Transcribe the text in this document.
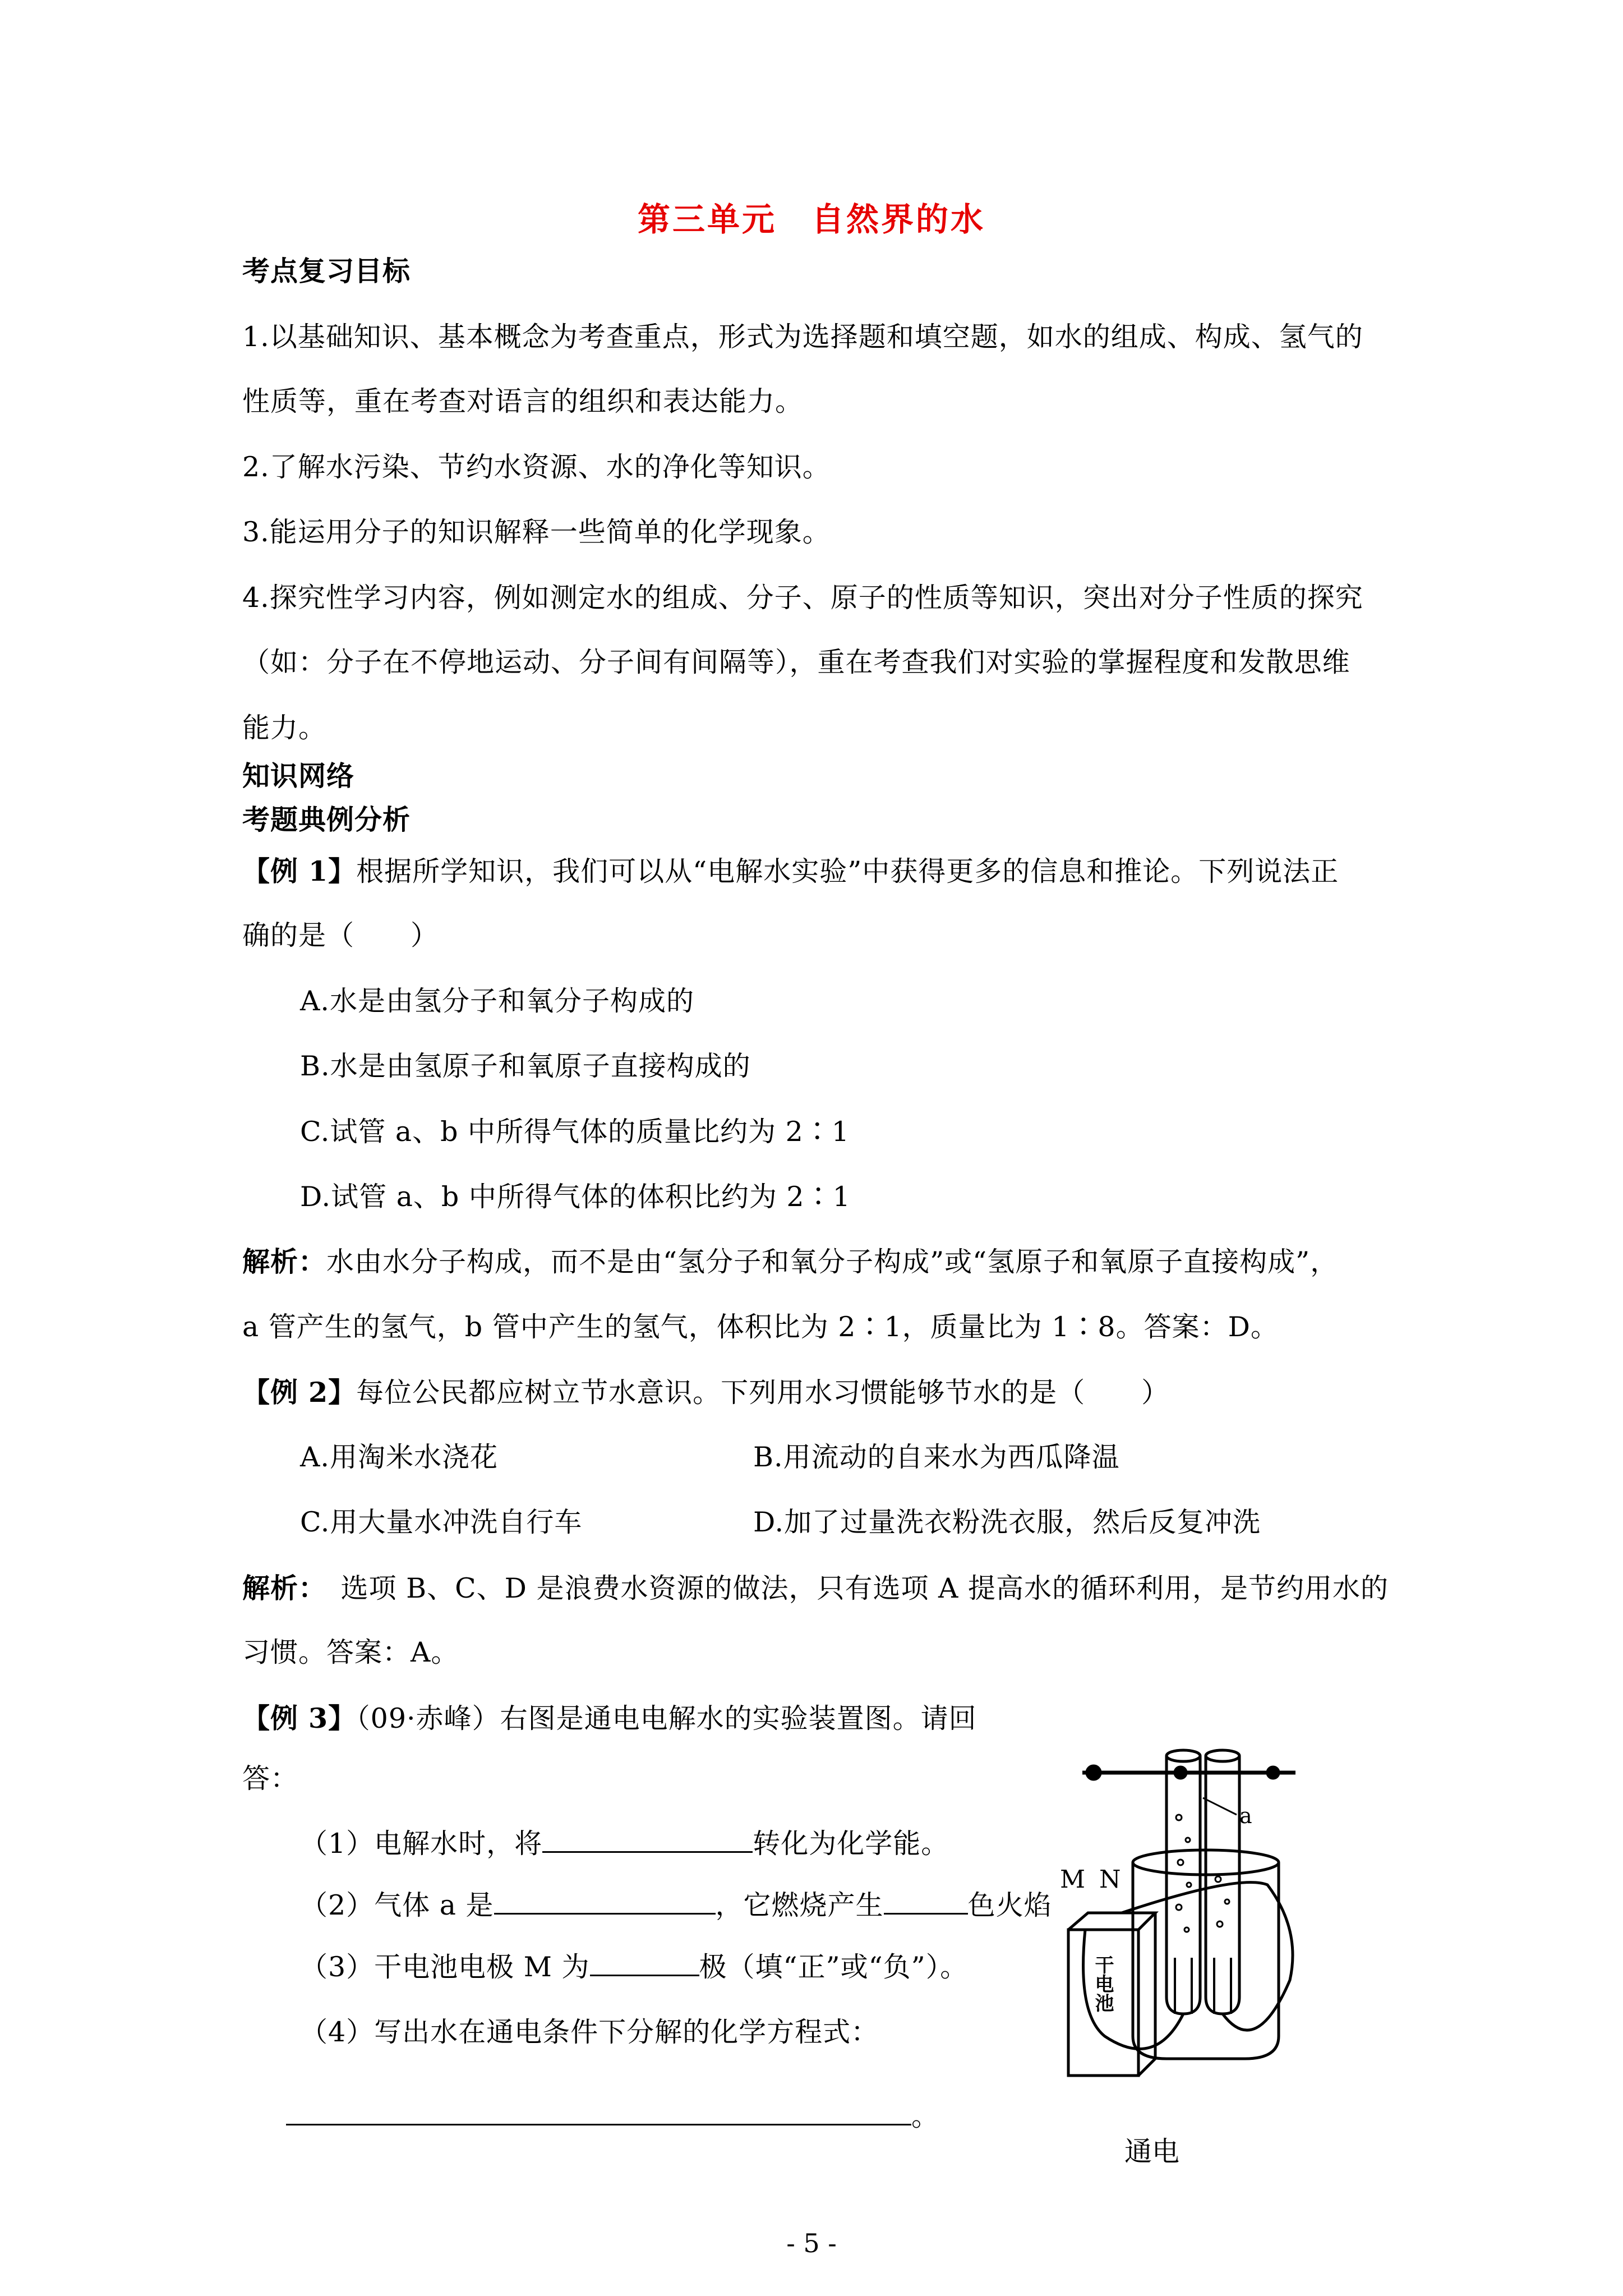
第三单元　自然界的水
考点复习目标
1.以基础知识、基本概念为考查重点，形式为选择题和填空题，如水的组成、构成、氢气的
性质等，重在考查对语言的组织和表达能力。
2.了解水污染、节约水资源、水的净化等知识。
3.能运用分子的知识解释一些简单的化学现象。
4.探究性学习内容，例如测定水的组成、分子、原子的性质等知识，突出对分子性质的探究
（如：分子在不停地运动、分子间有间隔等），重在考查我们对实验的掌握程度和发散思维
能力。
知识网络
考题典例分析
【例 1】根据所学知识，我们可以从“电解水实验”中获得更多的信息和推论。下列说法正
确的是（　　）
A.水是由氢分子和氧分子构成的
B.水是由氢原子和氧原子直接构成的
C.试管 a、b 中所得气体的质量比约为 2∶1
D.试管 a、b 中所得气体的体积比约为 2∶1
解析：水由水分子构成，而不是由“氢分子和氧分子构成”或“氢原子和氧原子直接构成”，
a 管产生的氢气，b 管中产生的氢气，体积比为 2∶1，质量比为 1∶8。答案：D。
【例 2】每位公民都应树立节水意识。下列用水习惯能够节水的是（　　）
A.用淘米水浇花	B.用流动的自来水为西瓜降温
C.用大量水冲洗自行车	D.加了过量洗衣粉洗衣服，然后反复冲洗
解析：　选项 B、C、D 是浪费水资源的做法，只有选项 A 提高水的循环利用，是节约用水的
习惯。答案：A。
【例 3】（09·赤峰）右图是通电电解水的实验装置图。请回
答：
（1）电解水时，将	转化为化学能。
（2）气体 a 是	，它燃烧产生	色火焰
（3）干电池电极 M 为	极（填“正”或“负”）。
（4）写出水在通电条件下分解的化学方程式：
。
a
M N
干电池
通电
- 5 -
